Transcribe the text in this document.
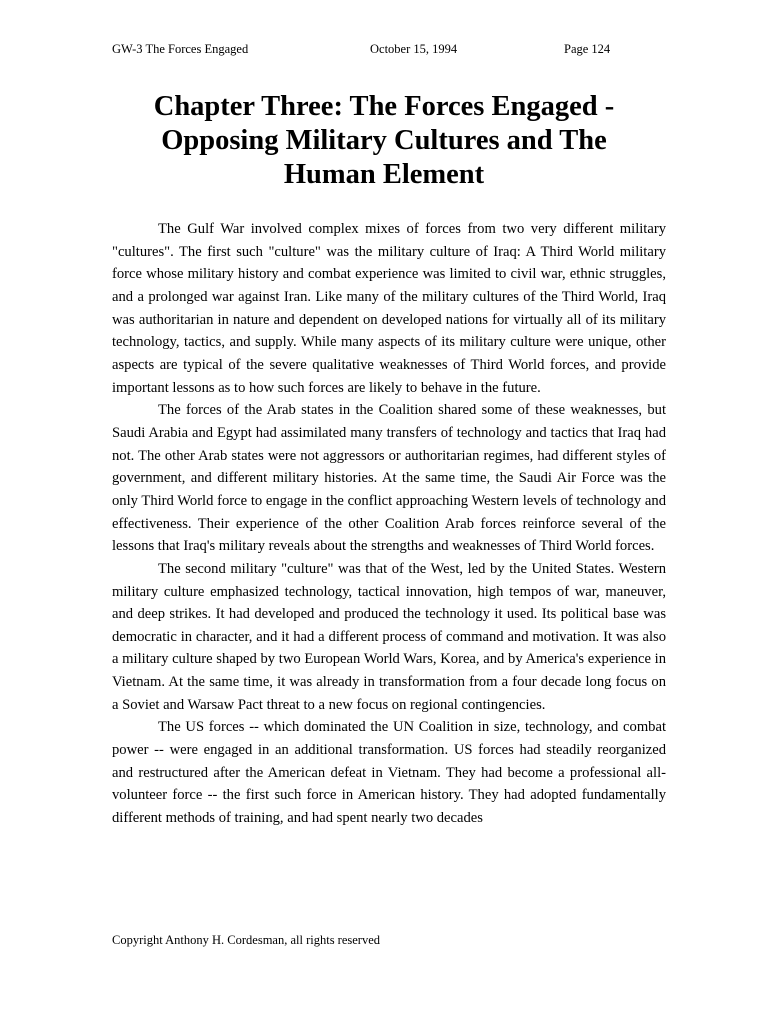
GW-3 The Forces Engaged	October 15, 1994	Page 124
Chapter Three: The Forces Engaged -
Opposing Military Cultures and The
Human Element

The Gulf War involved complex mixes of forces from two very different military "cultures". The first such "culture" was the military culture of Iraq: A Third World military force whose military history and combat experience was limited to civil war, ethnic struggles, and a prolonged war against Iran. Like many of the military cultures of the Third World, Iraq was authoritarian in nature and dependent on developed nations for virtually all of its military technology, tactics, and supply. While many aspects of its military culture were unique, other aspects are typical of the severe qualitative weaknesses of Third World forces, and provide important lessons as to how such forces are likely to behave in the future.

The forces of the Arab states in the Coalition shared some of these weaknesses, but Saudi Arabia and Egypt had assimilated many transfers of technology and tactics that Iraq had not. The other Arab states were not aggressors or authoritarian regimes, had different styles of government, and different military histories. At the same time, the Saudi Air Force was the only Third World force to engage in the conflict approaching Western levels of technology and effectiveness. Their experience of the other Coalition Arab forces reinforce several of the lessons that Iraq's military reveals about the strengths and weaknesses of Third World forces.

The second military "culture" was that of the West, led by the United States. Western military culture emphasized technology, tactical innovation, high tempos of war, maneuver, and deep strikes. It had developed and produced the technology it used. Its political base was democratic in character, and it had a different process of command and motivation. It was also a military culture shaped by two European World Wars, Korea, and by America's experience in Vietnam. At the same time, it was already in transformation from a four decade long focus on a Soviet and Warsaw Pact threat to a new focus on regional contingencies.

The US forces -- which dominated the UN Coalition in size, technology, and combat power -- were engaged in an additional transformation. US forces had steadily reorganized and restructured after the American defeat in Vietnam. They had become a professional all-volunteer force -- the first such force in American history. They had adopted fundamentally different methods of training, and had spent nearly two decades

Copyright Anthony H. Cordesman, all rights reserved
